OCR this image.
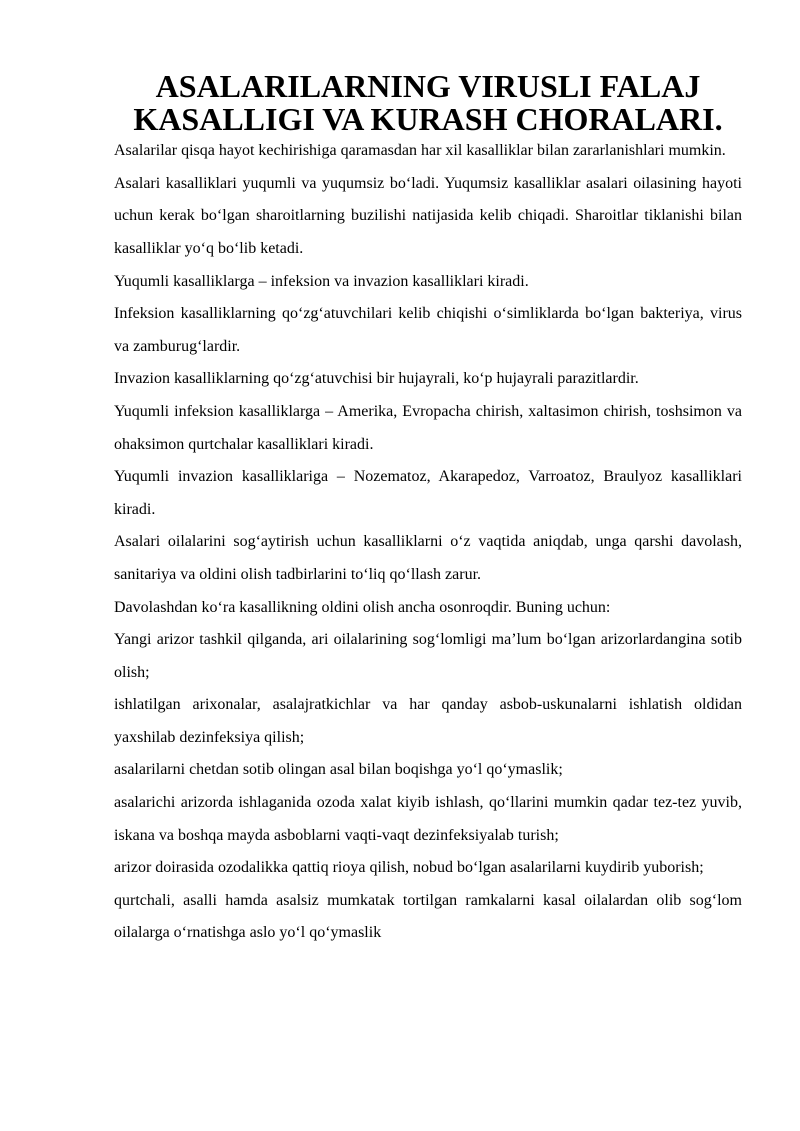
ASALARILARNING VIRUSLI FALAJ KASALLIGI VA KURASH CHORALARI.

Asalarilar qisqa hayot kechirishiga qaramasdan har xil kasalliklar bilan zararlanishlari mumkin.

Asalari kasalliklari yuqumli va yuqumsiz bo‘ladi. Yuqumsiz kasalliklar asalari oilasining hayoti uchun kerak bo‘lgan sharoitlarning buzilishi natijasida kelib chiqadi. Sharoitlar tiklanishi bilan kasalliklar yo‘q bo‘lib ketadi.

Yuqumli kasalliklarga – infeksion va invazion kasalliklari kiradi.

Infeksion kasalliklarning qo‘zg‘atuvchilari kelib chiqishi o‘simliklarda bo‘lgan bakteriya, virus va zamburug‘lardir.

Invazion kasalliklarning qo‘zg‘atuvchisi bir hujayrali, ko‘p hujayrali parazitlardir.

Yuqumli infeksion kasalliklarga – Amerika, Evropacha chirish, xaltasimon chirish, toshsimon va ohaksimon qurtchalar kasalliklari kiradi.

Yuqumli invazion kasalliklariga – Nozematoz, Akarapedoz, Varroatoz, Braulyoz kasalliklari kiradi.

Asalari oilalarini sog‘aytirish uchun kasalliklarni o‘z vaqtida aniqdab, unga qarshi davolash, sanitariya va oldini olish tadbirlarini to‘liq qo‘llash zarur.

Davolashdan ko‘ra kasallikning oldini olish ancha osonroqdir. Buning uchun:

Yangi arizor tashkil qilganda, ari oilalarining sog‘lomligi ma’lum bo‘lgan arizorlardangina sotib olish;

ishlatilgan arixonalar, asalajratkichlar va har qanday asbob-uskunalarni ishlatish oldidan yaxshilab dezinfeksiya qilish;

asalarilarni chetdan sotib olingan asal bilan boqishga yo‘l qo‘ymaslik;

asalarichi arizorda ishlaganida ozoda xalat kiyib ishlash, qo‘llarini mumkin qadar tez-tez yuvib, iskana va boshqa mayda asboblarni vaqti-vaqt dezinfeksiyalab turish;

arizor doirasida ozodalikka qattiq rioya qilish, nobud bo‘lgan asalarilarni kuydirib yuborish;

qurtchali, asalli hamda asalsiz mumkatak tortilgan ramkalarni kasal oilalardan olib sog‘lom oilalarga o‘rnatishga aslo yo‘l qo‘ymaslik
